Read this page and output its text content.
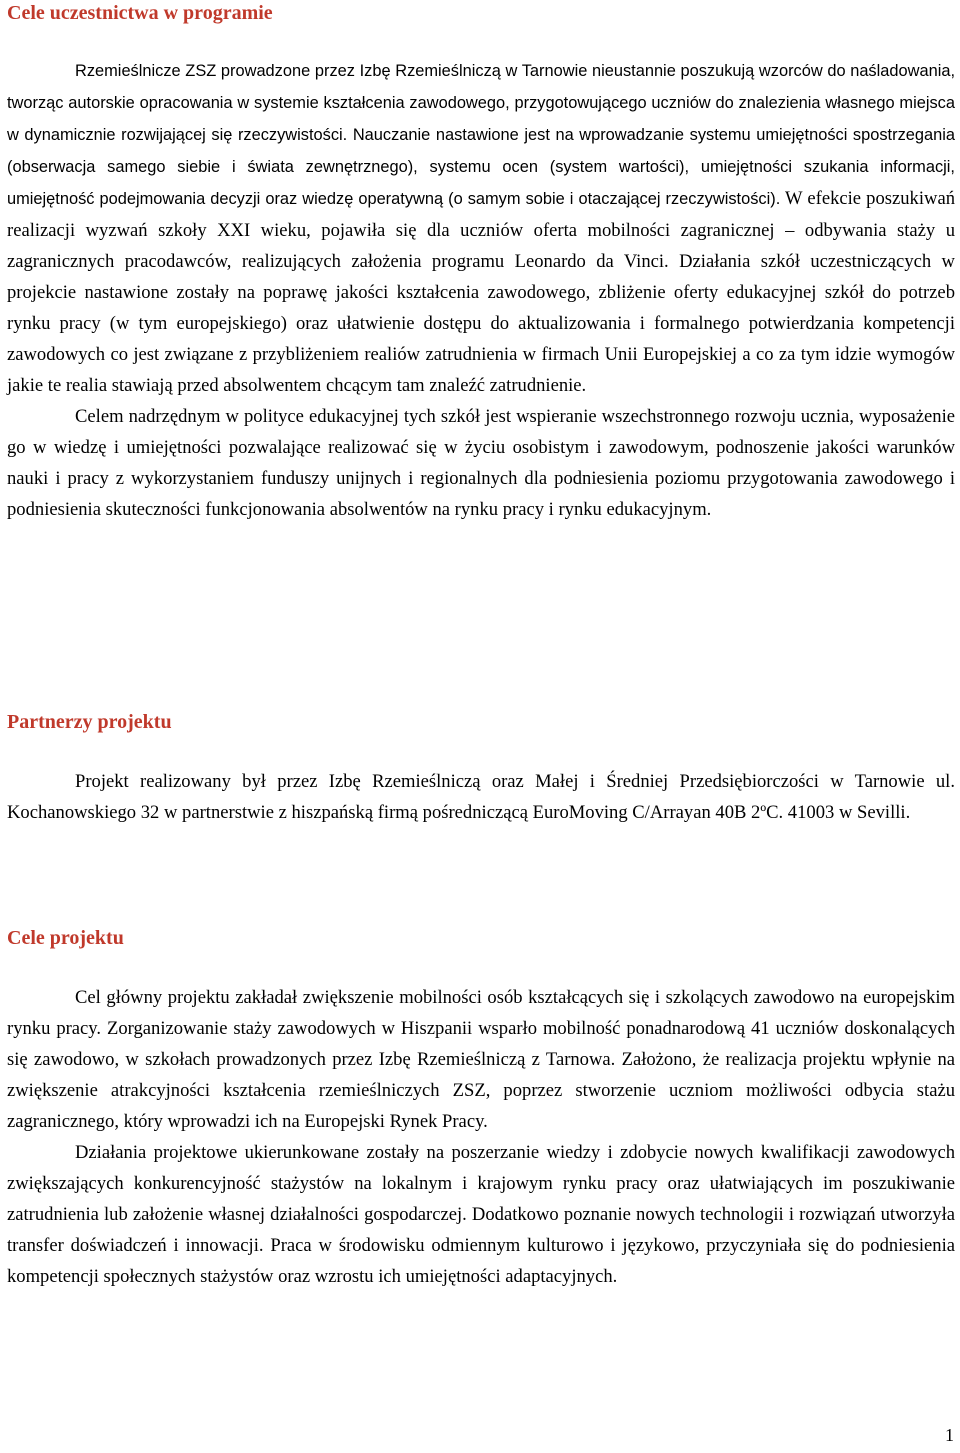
Cele uczestnictwa w programie

Rzemieślnicze ZSZ prowadzone przez Izbę Rzemieślniczą w Tarnowie nieustannie poszukują wzorców do naśladowania, tworząc autorskie opracowania w systemie kształcenia zawodowego, przygotowującego uczniów do znalezienia własnego miejsca w dynamicznie rozwijającej się rzeczywistości. Nauczanie nastawione jest na wprowadzanie systemu umiejętności spostrzegania (obserwacja samego siebie i świata zewnętrznego), systemu ocen (system wartości), umiejętności szukania informacji, umiejętność podejmowania decyzji oraz wiedzę operatywną (o samym sobie i otaczającej rzeczywistości). W efekcie poszukiwań realizacji wyzwań szkoły XXI wieku, pojawiła się dla uczniów oferta mobilności zagranicznej – odbywania staży u zagranicznych pracodawców, realizujących założenia programu Leonardo da Vinci. Działania szkół uczestniczących w projekcie nastawione zostały na poprawę jakości kształcenia zawodowego, zbliżenie oferty edukacyjnej szkół do potrzeb rynku pracy (w tym europejskiego) oraz ułatwienie dostępu do aktualizowania i formalnego potwierdzania kompetencji zawodowych co jest związane z przybliżeniem realiów zatrudnienia w firmach Unii Europejskiej a co za tym idzie wymogów jakie te realia stawiają przed absolwentem chcącym tam znaleźć zatrudnienie.

Celem nadrzędnym w polityce edukacyjnej tych szkół jest wspieranie wszechstronnego rozwoju ucznia, wyposażenie go w wiedzę i umiejętności pozwalające realizować się w życiu osobistym i zawodowym, podnoszenie jakości warunków nauki i pracy z wykorzystaniem funduszy unijnych i regionalnych dla podniesienia poziomu przygotowania zawodowego i podniesienia skuteczności funkcjonowania absolwentów na rynku pracy i rynku edukacyjnym.

Partnerzy projektu

Projekt realizowany był przez Izbę Rzemieślniczą oraz Małej i Średniej Przedsiębiorczości w Tarnowie ul. Kochanowskiego 32 w partnerstwie z hiszpańską firmą pośredniczącą EuroMoving C/Arrayan 40B 2ºC. 41003 w Sevilli.

Cele projektu

Cel główny projektu zakładał zwiększenie mobilności osób kształcących się i szkolących zawodowo na europejskim rynku pracy. Zorganizowanie staży zawodowych w Hiszpanii wsparło mobilność ponadnarodową 41 uczniów doskonalących się zawodowo, w szkołach prowadzonych przez Izbę Rzemieślniczą z Tarnowa. Założono, że realizacja projektu wpłynie na zwiększenie atrakcyjności kształcenia rzemieślniczych ZSZ, poprzez stworzenie uczniom możliwości odbycia stażu zagranicznego, który wprowadzi ich na Europejski Rynek Pracy.

Działania projektowe ukierunkowane zostały na poszerzanie wiedzy i zdobycie nowych kwalifikacji zawodowych zwiększających konkurencyjność stażystów na lokalnym i krajowym rynku pracy oraz ułatwiających im poszukiwanie zatrudnienia lub założenie własnej działalności gospodarczej. Dodatkowo poznanie nowych technologii i rozwiązań utworzyła transfer doświadczeń i innowacji. Praca w środowisku odmiennym kulturowo i językowo, przyczyniała się do podniesienia kompetencji społecznych stażystów oraz wzrostu ich umiejętności adaptacyjnych.

1
